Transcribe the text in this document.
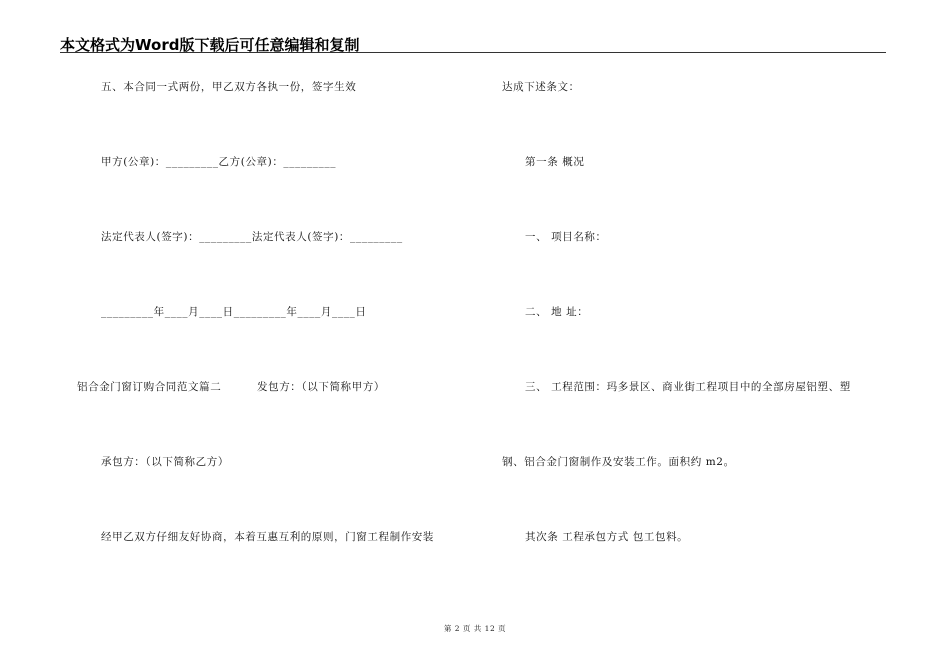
本文格式为Word版下载后可任意编辑和复制
五、本合同一式两份，甲乙双方各执一份，签字生效
甲方(公章)：_________乙方(公章)：_________
法定代表人(签字)：_________法定代表人(签字)：_________
_________年____月____日_________年____月____日
铝合金门窗订购合同范文篇二	发包方：（以下简称甲方）
承包方：（以下简称乙方）
经甲乙双方仔细友好协商，本着互惠互利的原则，门窗工程制作安装
达成下述条文：
第一条 概况
一、 项目名称：
二、 地 址：
三、 工程范围：玛多景区、商业街工程项目中的全部房屋铝塑、塑
钢、铝合金门窗制作及安装工作。面积约 m2。
其次条 工程承包方式 包工包料。
第 2 页 共 12 页
